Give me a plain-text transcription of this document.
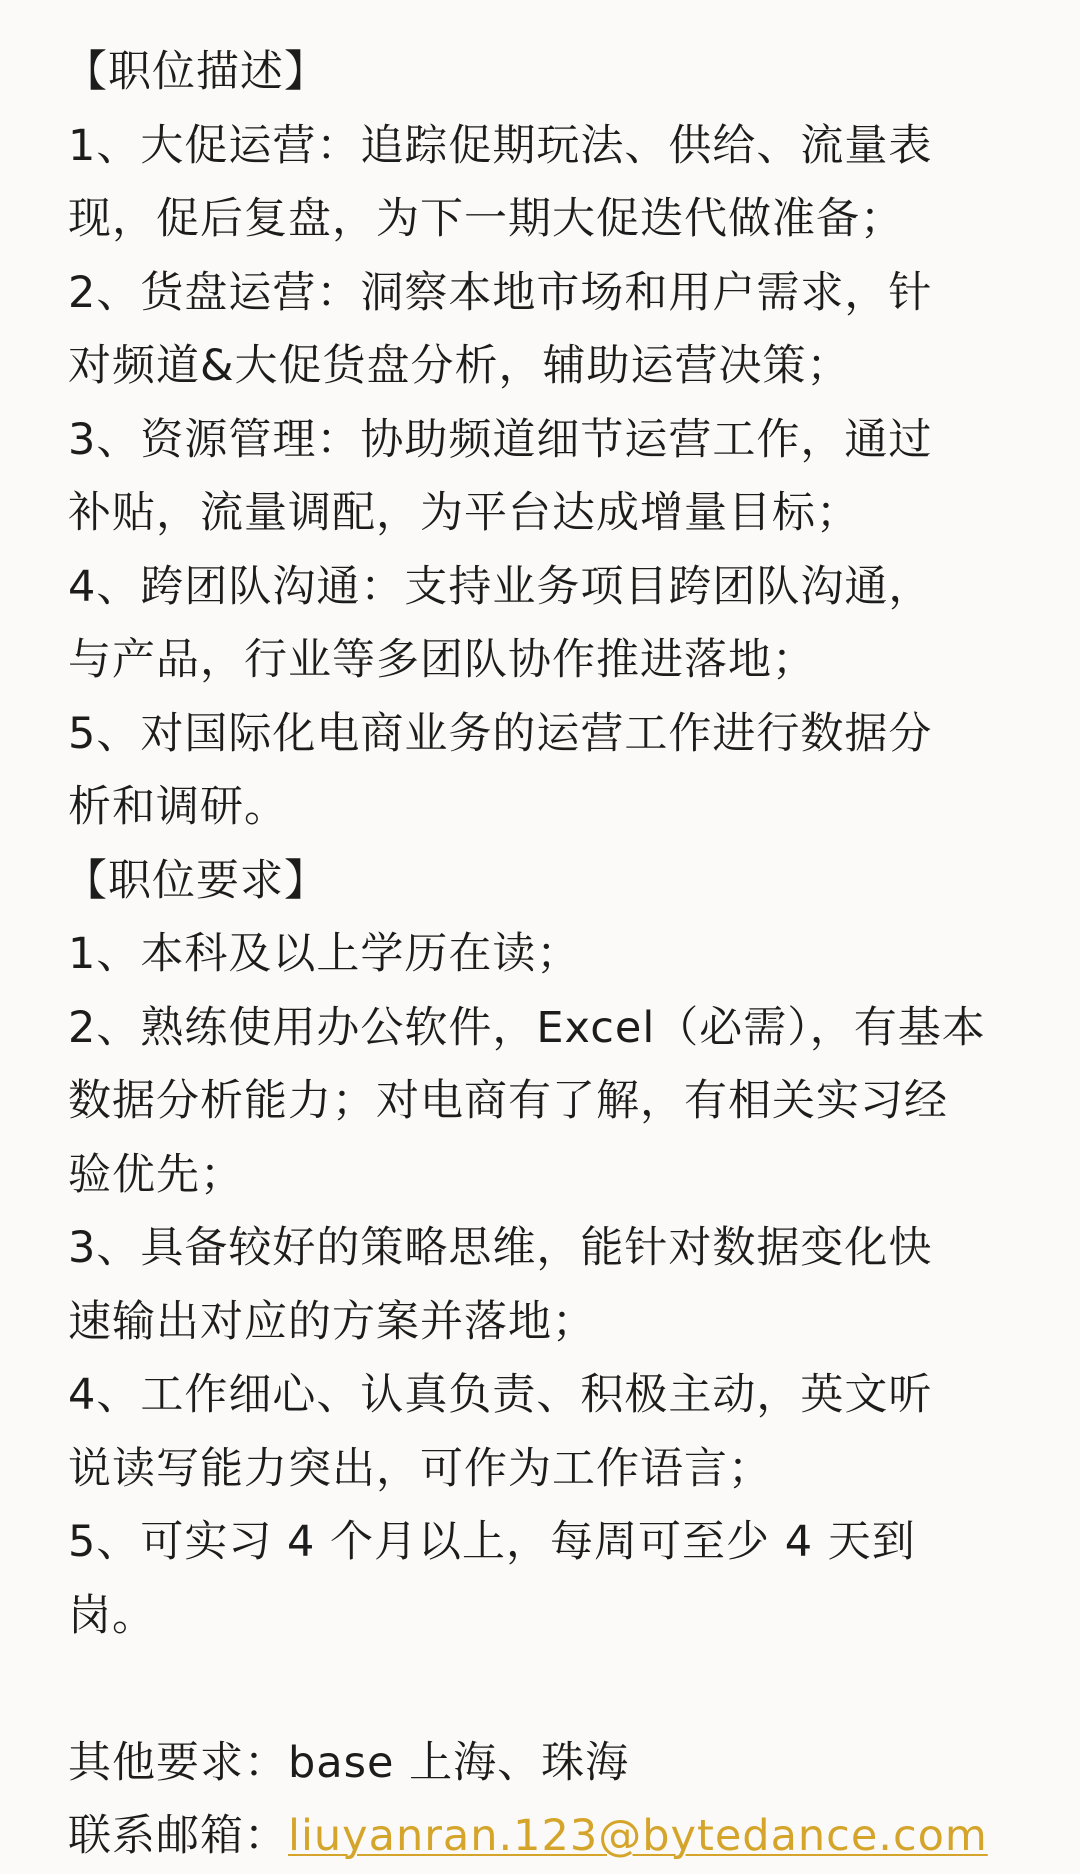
【职位描述】
1、大促运营：追踪促期玩法、供给、流量表
现，促后复盘，为下一期大促迭代做准备；
2、货盘运营：洞察本地市场和用户需求，针
对频道&大促货盘分析，辅助运营决策；
3、资源管理：协助频道细节运营工作，通过
补贴，流量调配，为平台达成增量目标；
4、跨团队沟通：支持业务项目跨团队沟通，
与产品，行业等多团队协作推进落地；
5、对国际化电商业务的运营工作进行数据分
析和调研。
【职位要求】
1、本科及以上学历在读；
2、熟练使用办公软件，Excel（必需），有基本
数据分析能力；对电商有了解，有相关实习经
验优先；
3、具备较好的策略思维，能针对数据变化快
速输出对应的方案并落地；
4、工作细心、认真负责、积极主动，英文听
说读写能力突出，可作为工作语言；
5、可实习 4 个月以上，每周可至少 4 天到
岗。
其他要求：base 上海、珠海
联系邮箱：liuyanran.123@bytedance.com
